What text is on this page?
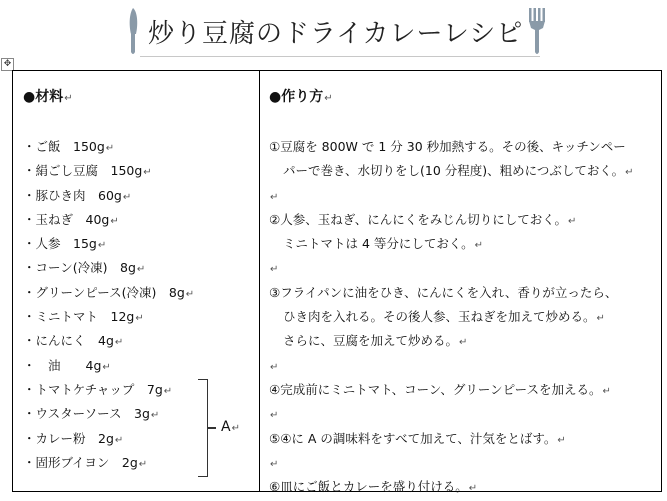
炒り豆腐のドライカレーレシピ
✥
●材料↵
・ご飯　150g↵
・絹ごし豆腐　150g↵
・豚ひき肉　60g↵
・玉ねぎ　40g↵
・人参　15g↵
・コーン(冷凍)　8g↵
・グリーンピース(冷凍)　8g↵
・ミニトマト　12g↵
・にんにく　4g↵
・　油　　4g↵
・トマトケチャップ　7g↵
・ウスターソース　3g↵
・カレー粉　2g↵
・固形ブイヨン　2g↵
A↵
●作り方↵
①豆腐を 800W で 1 分 30 秒加熱する。その後、キッチンペー
パーで巻き、水切りをし(10 分程度)、粗めにつぶしておく。↵
↵
②人参、玉ねぎ、にんにくをみじん切りにしておく。↵
ミニトマトは 4 等分にしておく。↵
↵
③フライパンに油をひき、にんにくを入れ、香りが立ったら、
ひき肉を入れる。その後人参、玉ねぎを加えて炒める。↵
さらに、豆腐を加えて炒める。↵
↵
④完成前にミニトマト、コーン、グリーンピースを加える。↵
↵
⑤④に A の調味料をすべて加えて、汁気をとばす。↵
↵
⑥皿にご飯とカレーを盛り付ける。↵
